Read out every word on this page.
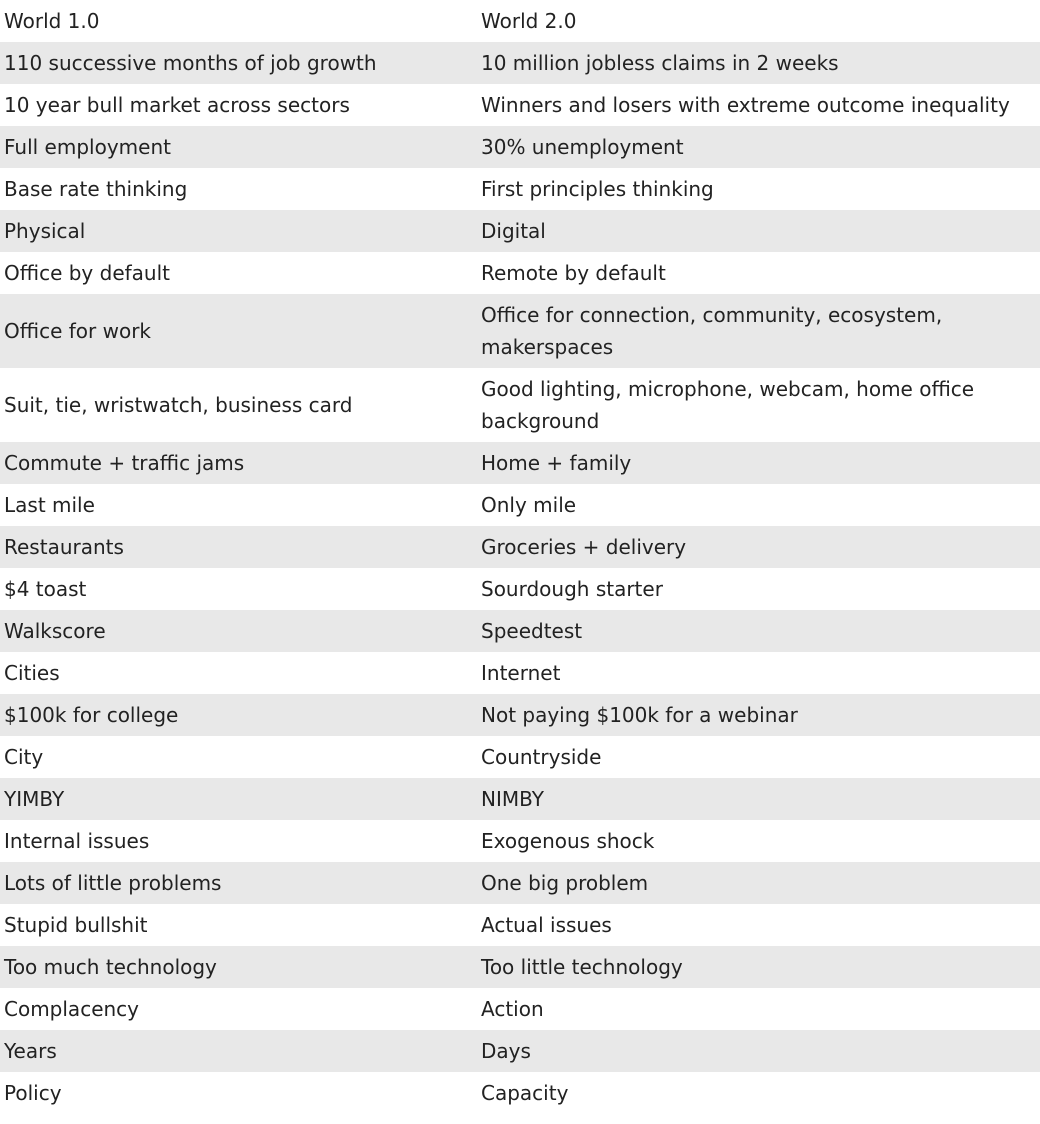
World 1.0	World 2.0
110 successive months of job growth	10 million jobless claims in 2 weeks
10 year bull market across sectors	Winners and losers with extreme outcome inequality
Full employment	30% unemployment
Base rate thinking	First principles thinking
Physical	Digital
Office by default	Remote by default
Office for work	Office for connection, community, ecosystem, makerspaces
Suit, tie, wristwatch, business card	Good lighting, microphone, webcam, home office background
Commute + traffic jams	Home + family
Last mile	Only mile
Restaurants	Groceries + delivery
$4 toast	Sourdough starter
Walkscore	Speedtest
Cities	Internet
$100k for college	Not paying $100k for a webinar
City	Countryside
YIMBY	NIMBY
Internal issues	Exogenous shock
Lots of little problems	One big problem
Stupid bullshit	Actual issues
Too much technology	Too little technology
Complacency	Action
Years	Days
Policy	Capacity
